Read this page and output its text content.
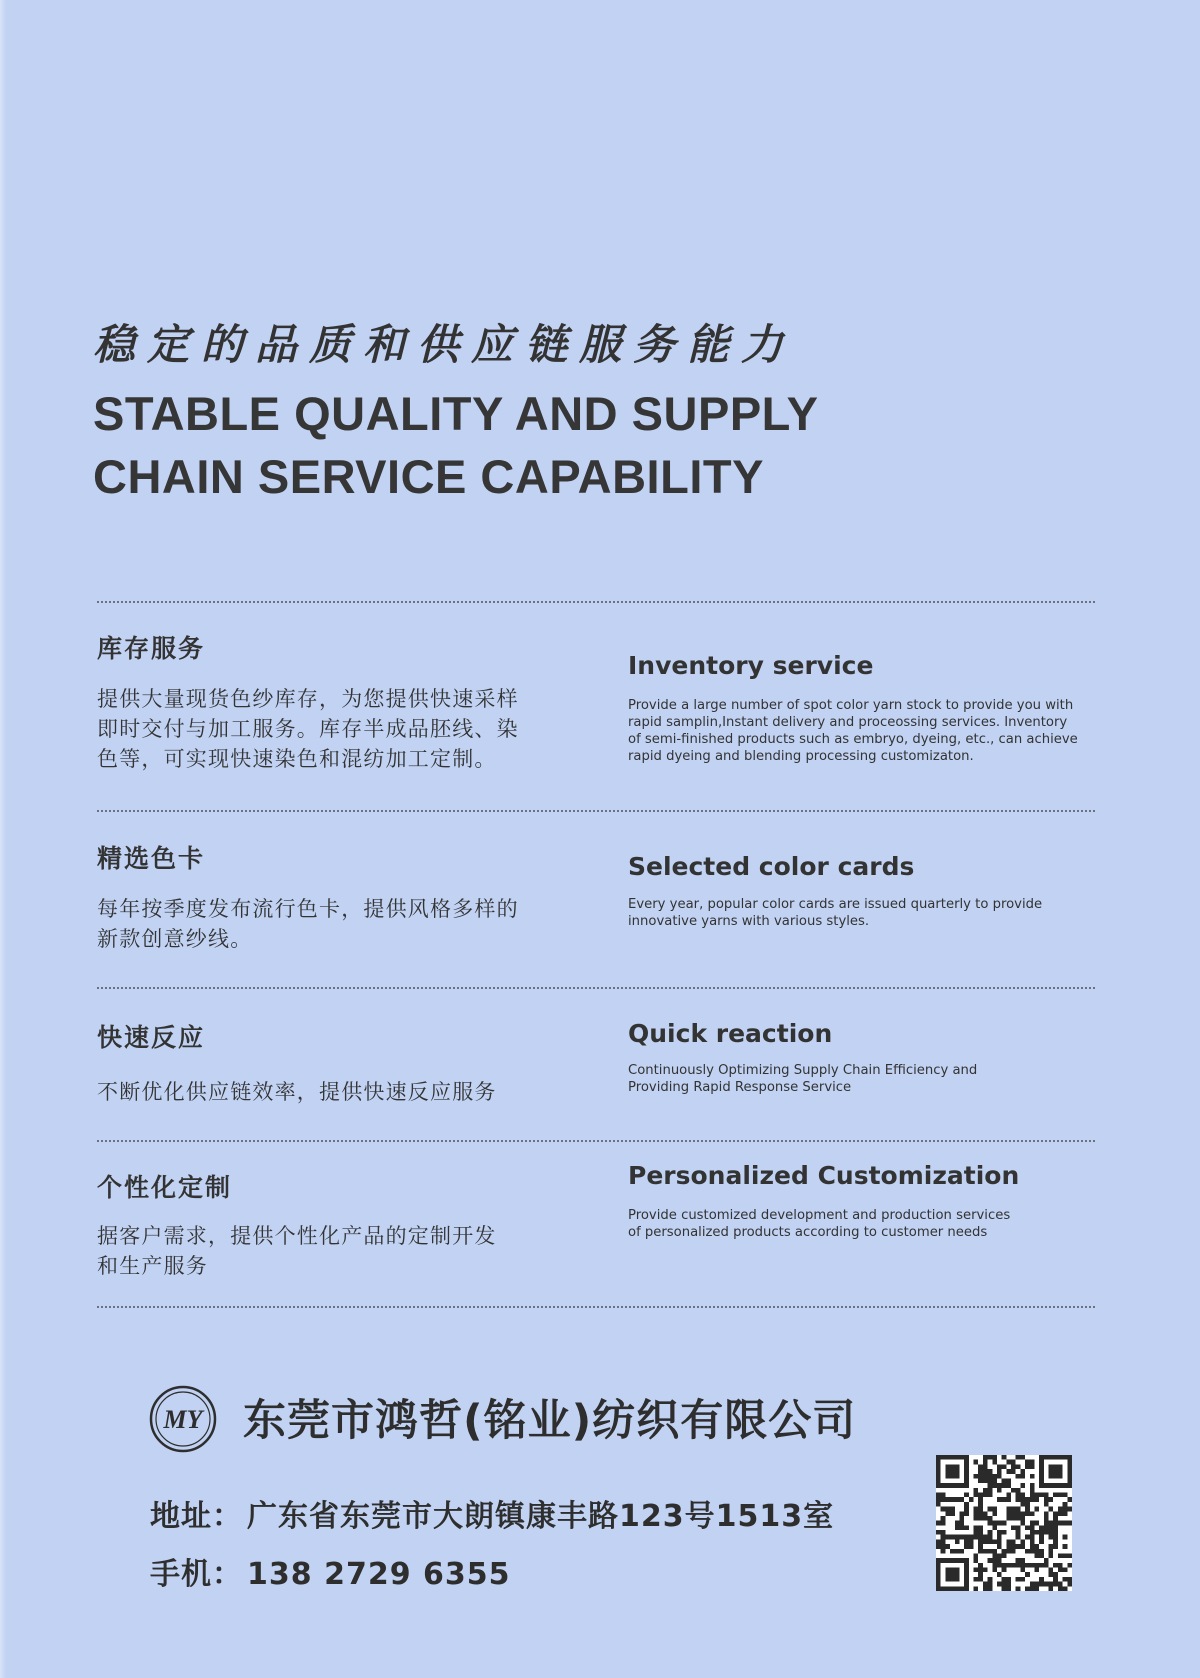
稳定的品质和供应链服务能力
STABLE QUALITY AND SUPPLY
CHAIN SERVICE CAPABILITY
库存服务
提供大量现货色纱库存，为您提供快速采样
即时交付与加工服务。库存半成品胚线、染
色等，可实现快速染色和混纺加工定制。
Inventory service
Provide a large number of spot color yarn stock to provide you with
rapid samplin,Instant delivery and proceossing services. Inventory
of semi-finished products such as embryo, dyeing, etc., can achieve
rapid dyeing and blending processing customizaton.
精选色卡
每年按季度发布流行色卡，提供风格多样的
新款创意纱线。
Selected color cards
Every year, popular color cards are issued quarterly to provide
innovative yarns with various styles.
快速反应
不断优化供应链效率，提供快速反应服务
Quick reaction
Continuously Optimizing Supply Chain Efficiency and
Providing Rapid Response Service
个性化定制
据客户需求，提供个性化产品的定制开发
和生产服务
Personalized Customization
Provide customized development and production services
of personalized products according to customer needs
MY 东莞市鸿哲(铭业)纺织有限公司
地址： 广东省东莞市大朗镇康丰路123号1513室
手机： 138 2729 6355
